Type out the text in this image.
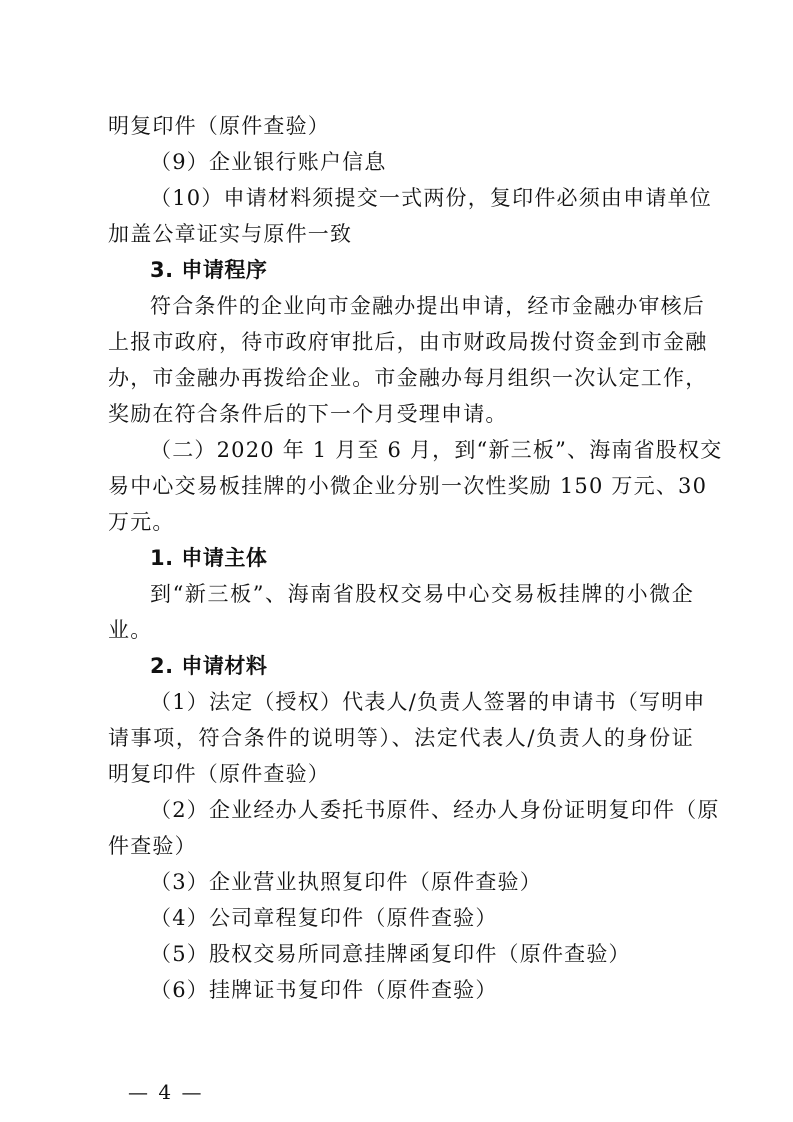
明复印件（原件查验）
（9）企业银行账户信息
（10）申请材料须提交一式两份，复印件必须由申请单位
加盖公章证实与原件一致
3. 申请程序
符合条件的企业向市金融办提出申请，经市金融办审核后
上报市政府，待市政府审批后，由市财政局拨付资金到市金融
办，市金融办再拨给企业。市金融办每月组织一次认定工作，
奖励在符合条件后的下一个月受理申请。
（二）2020 年 1 月至 6 月，到“新三板”、海南省股权交
易中心交易板挂牌的小微企业分别一次性奖励 150 万元、30
万元。
1. 申请主体
到“新三板”、海南省股权交易中心交易板挂牌的小微企
业。
2. 申请材料
（1）法定（授权）代表人/负责人签署的申请书（写明申
请事项，符合条件的说明等）、法定代表人/负责人的身份证
明复印件（原件查验）
（2）企业经办人委托书原件、经办人身份证明复印件（原
件查验）
（3）企业营业执照复印件（原件查验）
（4）公司章程复印件（原件查验）
（5）股权交易所同意挂牌函复印件（原件查验）
（6）挂牌证书复印件（原件查验）
— 4 —
